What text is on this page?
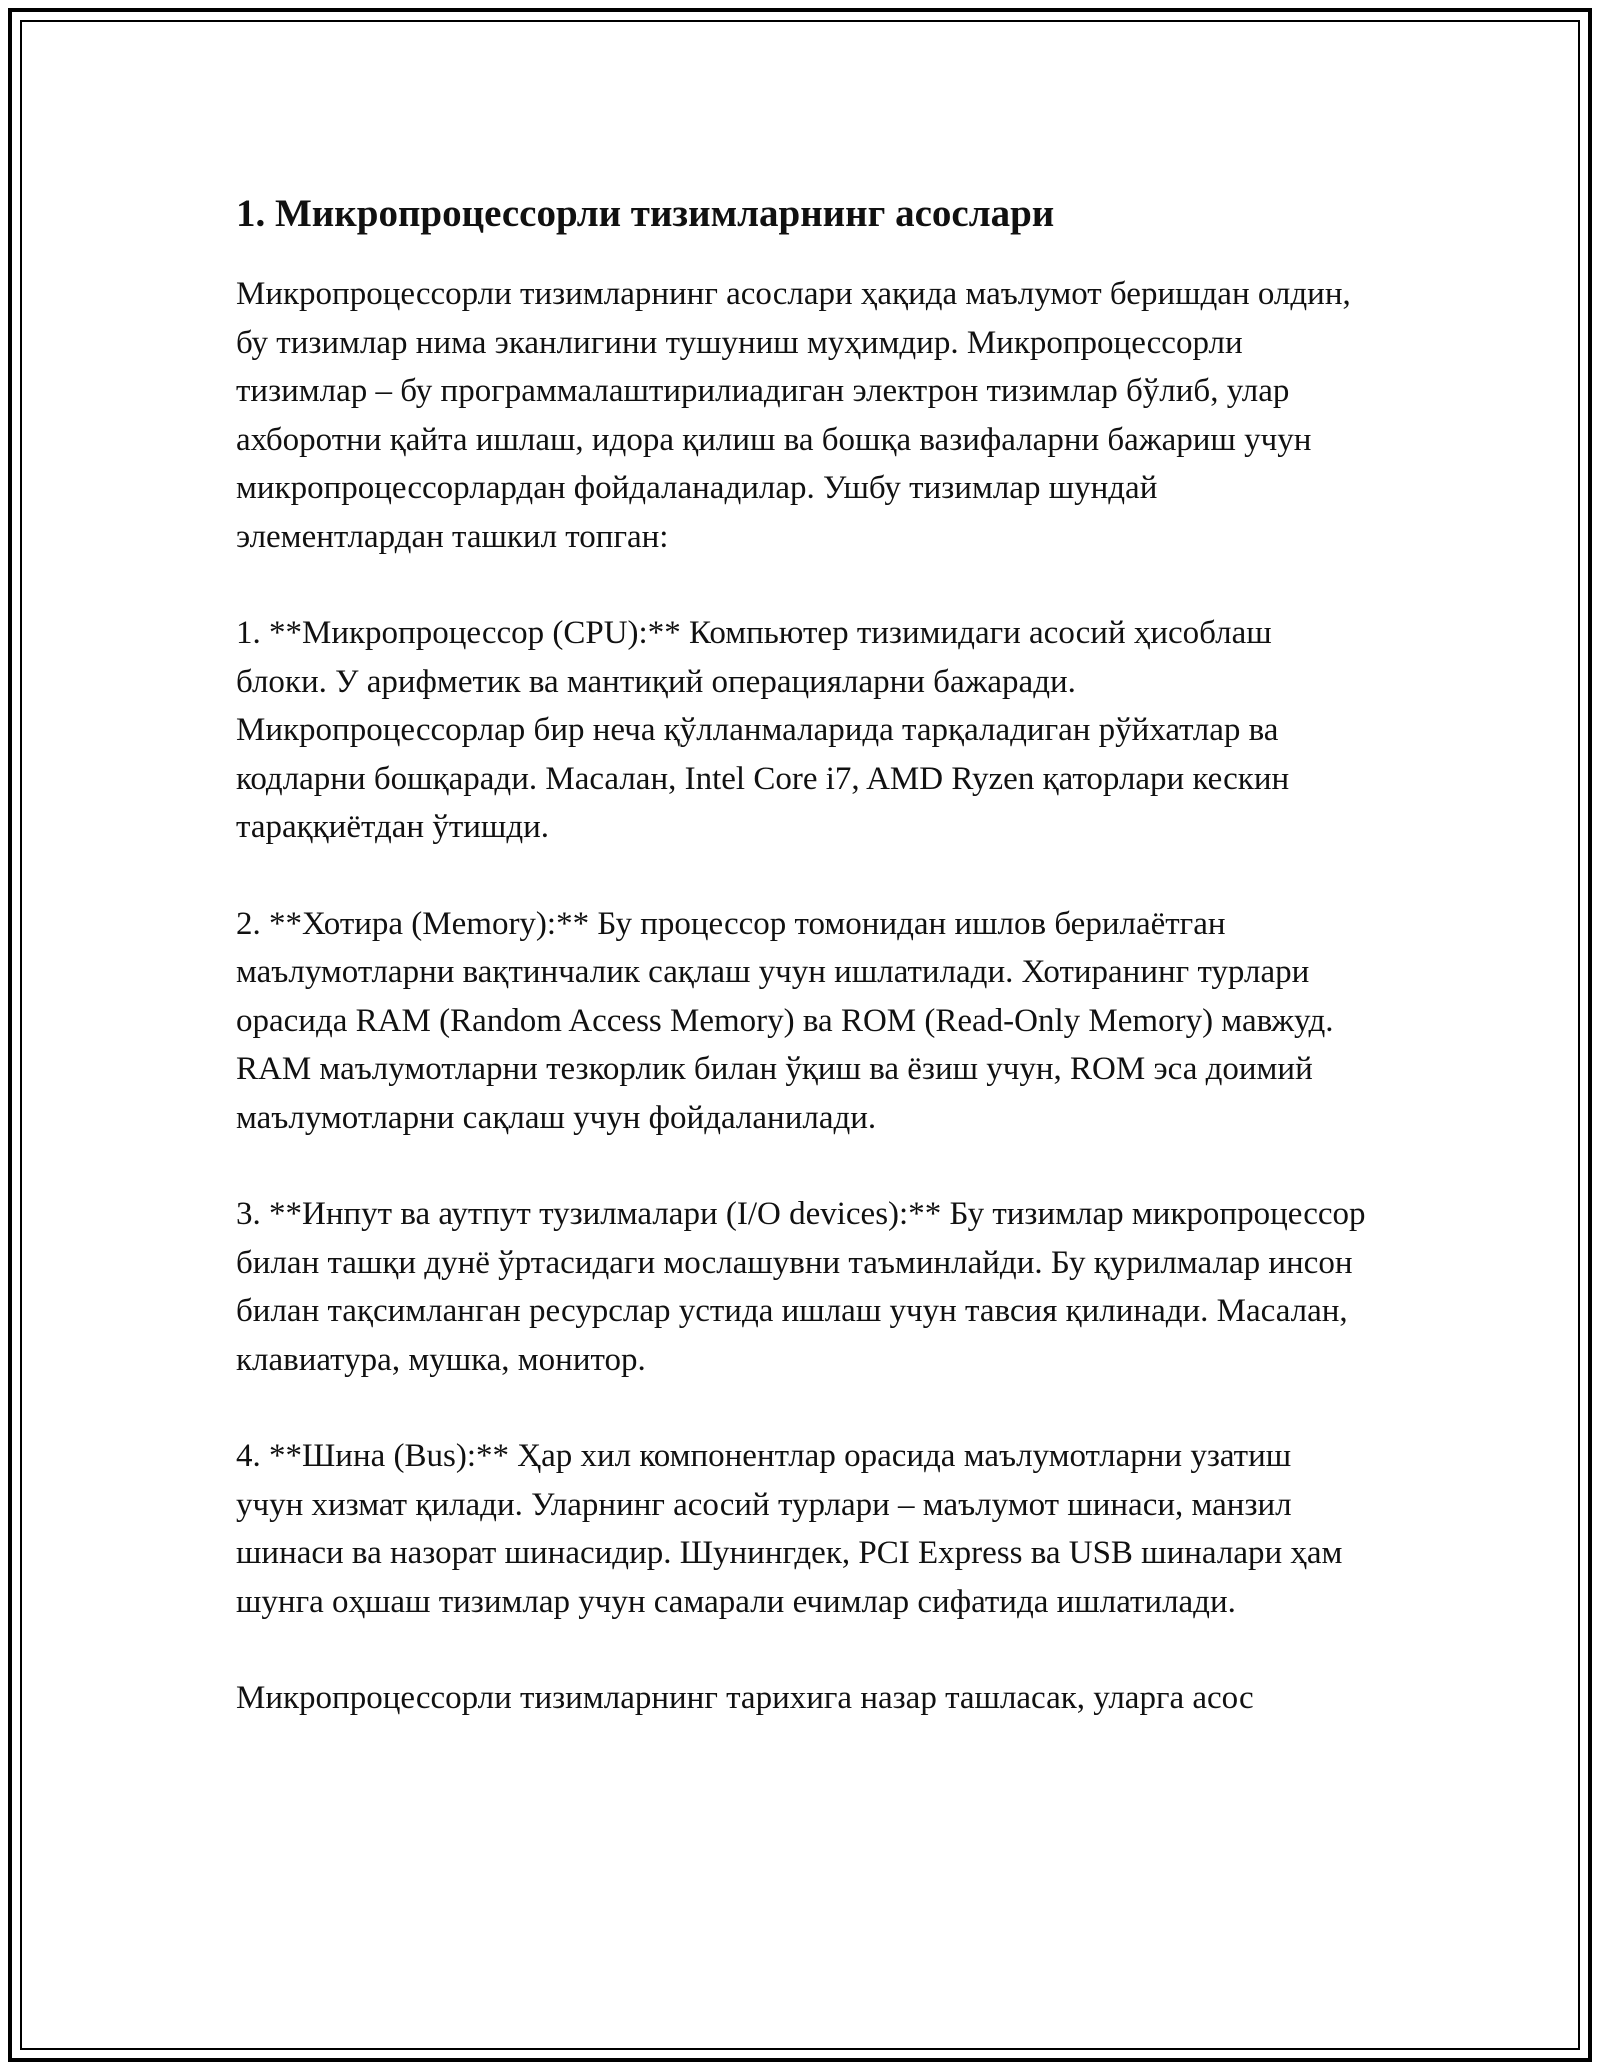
1. Микропроцессорли тизимларнинг асослари

Микропроцессорли тизимларнинг асослари ҳақида маълумот беришдан олдин, бу тизимлар нима эканлигини тушуниш муҳимдир. Микропроцессорли тизимлар – бу программалаштирилиадиган электрон тизимлар бўлиб, улар ахборотни қайта ишлаш, идора қилиш ва бошқа вазифаларни бажариш учун микропроцессорлардан фойдаланадилар. Ушбу тизимлар шундай элементлардан ташкил топган:

1. **Микропроцессор (CPU):** Компьютер тизимидаги асосий ҳисоблаш блоки. У арифметик ва мантиқий операцияларни бажаради. Микропроцессорлар бир неча қўлланмаларида тарқаладиган рўйхатлар ва кодларни бошқаради. Масалан, Intel Core i7, AMD Ryzen қаторлари кескин тараққиётдан ўтишди.

2. **Хотира (Memory):** Бу процессор томонидан ишлов берилаётган маълумотларни вақтинчалик сақлаш учун ишлатилади. Хотиранинг турлари орасида RAM (Random Access Memory) ва ROM (Read-Only Memory) мавжуд. RAM маълумотларни тезкорлик билан ўқиш ва ёзиш учун, ROM эса доимий маълумотларни сақлаш учун фойдаланилади.

3. **Инпут ва аутпут тузилмалари (I/O devices):** Бу тизимлар микропроцессор билан ташқи дунё ўртасидаги мослашувни таъминлайди. Бу қурилмалар инсон билан тақсимланган ресурслар устида ишлаш учун тавсия қилинади. Масалан, клавиатура, мушка, монитор.

4. **Шина (Bus):** Ҳар хил компонентлар орасида маълумотларни узатиш учун хизмат қилади. Уларнинг асосий турлари – маълумот шинаси, манзил шинаси ва назорат шинасидир. Шунингдек, PCI Express ва USB шиналари ҳам шунга оҳшаш тизимлар учун самарали ечимлар сифатида ишлатилади.

Микропроцессорли тизимларнинг тарихига назар ташласак, уларга асос
